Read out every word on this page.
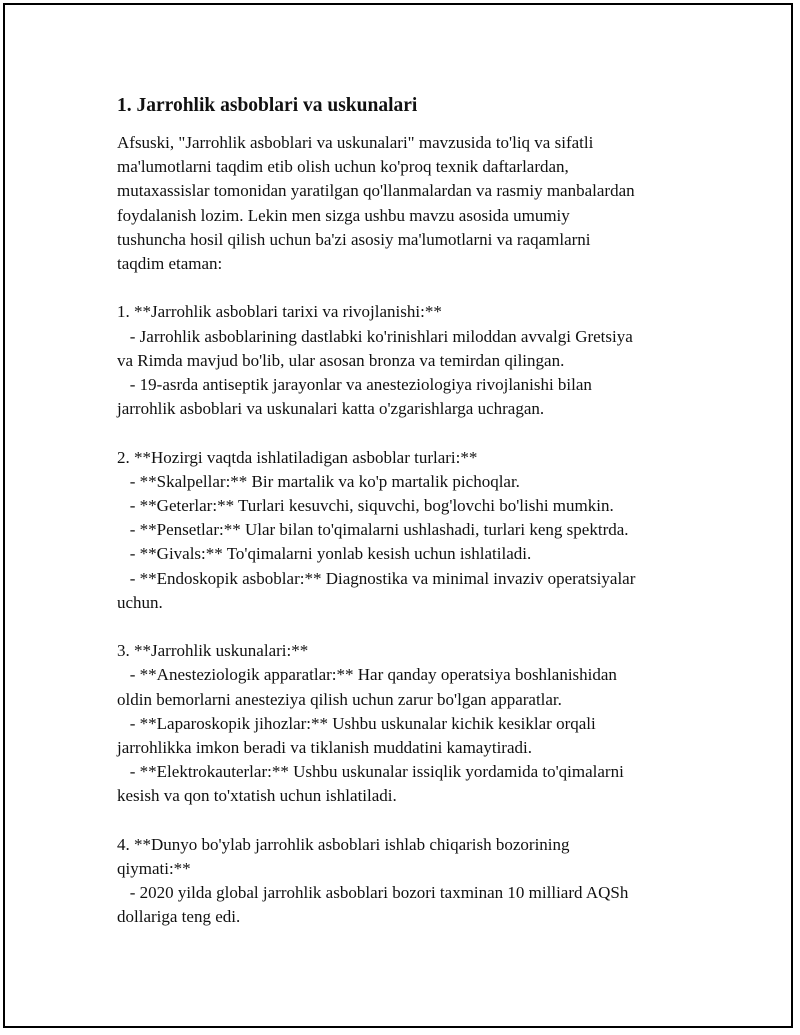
1. Jarrohlik asboblari va uskunalari

Afsuski, "Jarrohlik asboblari va uskunalari" mavzusida to'liq va sifatli
ma'lumotlarni taqdim etib olish uchun ko'proq texnik daftarlardan,
mutaxassislar tomonidan yaratilgan qo'llanmalardan va rasmiy manbalardan
foydalanish lozim. Lekin men sizga ushbu mavzu asosida umumiy
tushuncha hosil qilish uchun ba'zi asosiy ma'lumotlarni va raqamlarni
taqdim etaman:

1. **Jarrohlik asboblari tarixi va rivojlanishi:**
- Jarrohlik asboblarining dastlabki ko'rinishlari miloddan avvalgi Gretsiya
va Rimda mavjud bo'lib, ular asosan bronza va temirdan qilingan.
- 19-asrda antiseptik jarayonlar va anesteziologiya rivojlanishi bilan
jarrohlik asboblari va uskunalari katta o'zgarishlarga uchragan.

2. **Hozirgi vaqtda ishlatiladigan asboblar turlari:**
- **Skalpellar:** Bir martalik va ko'p martalik pichoqlar.
- **Geterlar:** Turlari kesuvchi, siquvchi, bog'lovchi bo'lishi mumkin.
- **Pensetlar:** Ular bilan to'qimalarni ushlashadi, turlari keng spektrda.
- **Givals:** To'qimalarni yonlab kesish uchun ishlatiladi.
- **Endoskopik asboblar:** Diagnostika va minimal invaziv operatsiyalar
uchun.

3. **Jarrohlik uskunalari:**
- **Anesteziologik apparatlar:** Har qanday operatsiya boshlanishidan
oldin bemorlarni anesteziya qilish uchun zarur bo'lgan apparatlar.
- **Laparoskopik jihozlar:** Ushbu uskunalar kichik kesiklar orqali
jarrohlikka imkon beradi va tiklanish muddatini kamaytiradi.
- **Elektrokauterlar:** Ushbu uskunalar issiqlik yordamida to'qimalarni
kesish va qon to'xtatish uchun ishlatiladi.

4. **Dunyo bo'ylab jarrohlik asboblari ishlab chiqarish bozorining
qiymati:**
- 2020 yilda global jarrohlik asboblari bozori taxminan 10 milliard AQSh
dollariga teng edi.
